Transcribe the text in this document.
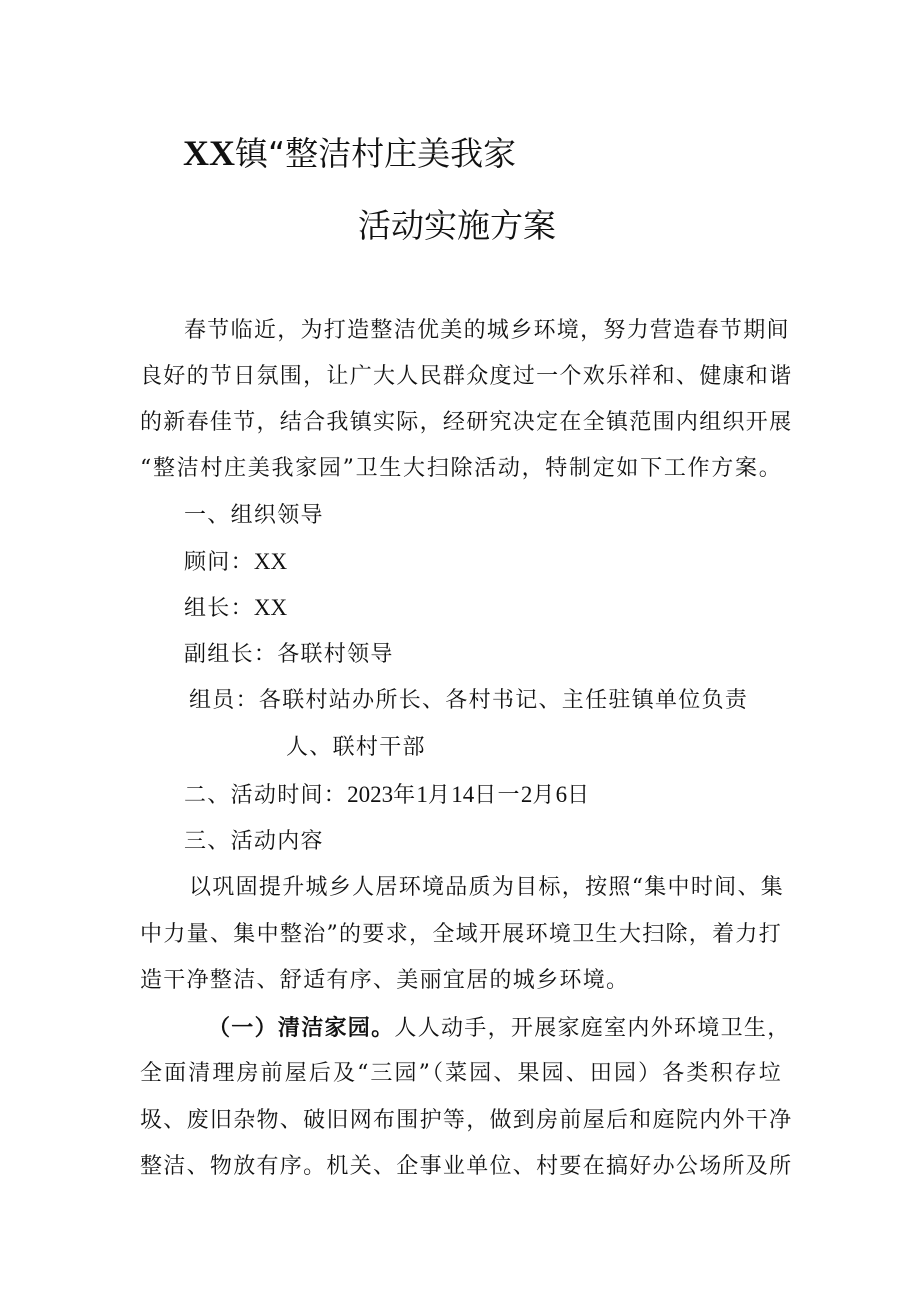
XX镇“整洁村庄美我家
活动实施方案
春节临近，为打造整洁优美的城乡环境，努力营造春节期间
良好的节日氛围，让广大人民群众度过一个欢乐祥和、健康和谐
的新春佳节，结合我镇实际，经研究决定在全镇范围内组织开展
“整洁村庄美我家园”卫生大扫除活动，特制定如下工作方案。
一、组织领导
顾问：XX
组长：XX
副组长：各联村领导
组员：各联村站办所长、各村书记、主任驻镇单位负责
人、联村干部
二、活动时间：2023年1月14日一2月6日
三、活动内容
以巩固提升城乡人居环境品质为目标，按照“集中时间、集
中力量、集中整治”的要求，全域开展环境卫生大扫除，着力打
造干净整洁、舒适有序、美丽宜居的城乡环境。
（一）清洁家园。人人动手，开展家庭室内外环境卫生，
全面清理房前屋后及“三园”（菜园、果园、田园）各类积存垃
圾、废旧杂物、破旧网布围护等，做到房前屋后和庭院内外干净
整洁、物放有序。机关、企事业单位、村要在搞好办公场所及所
